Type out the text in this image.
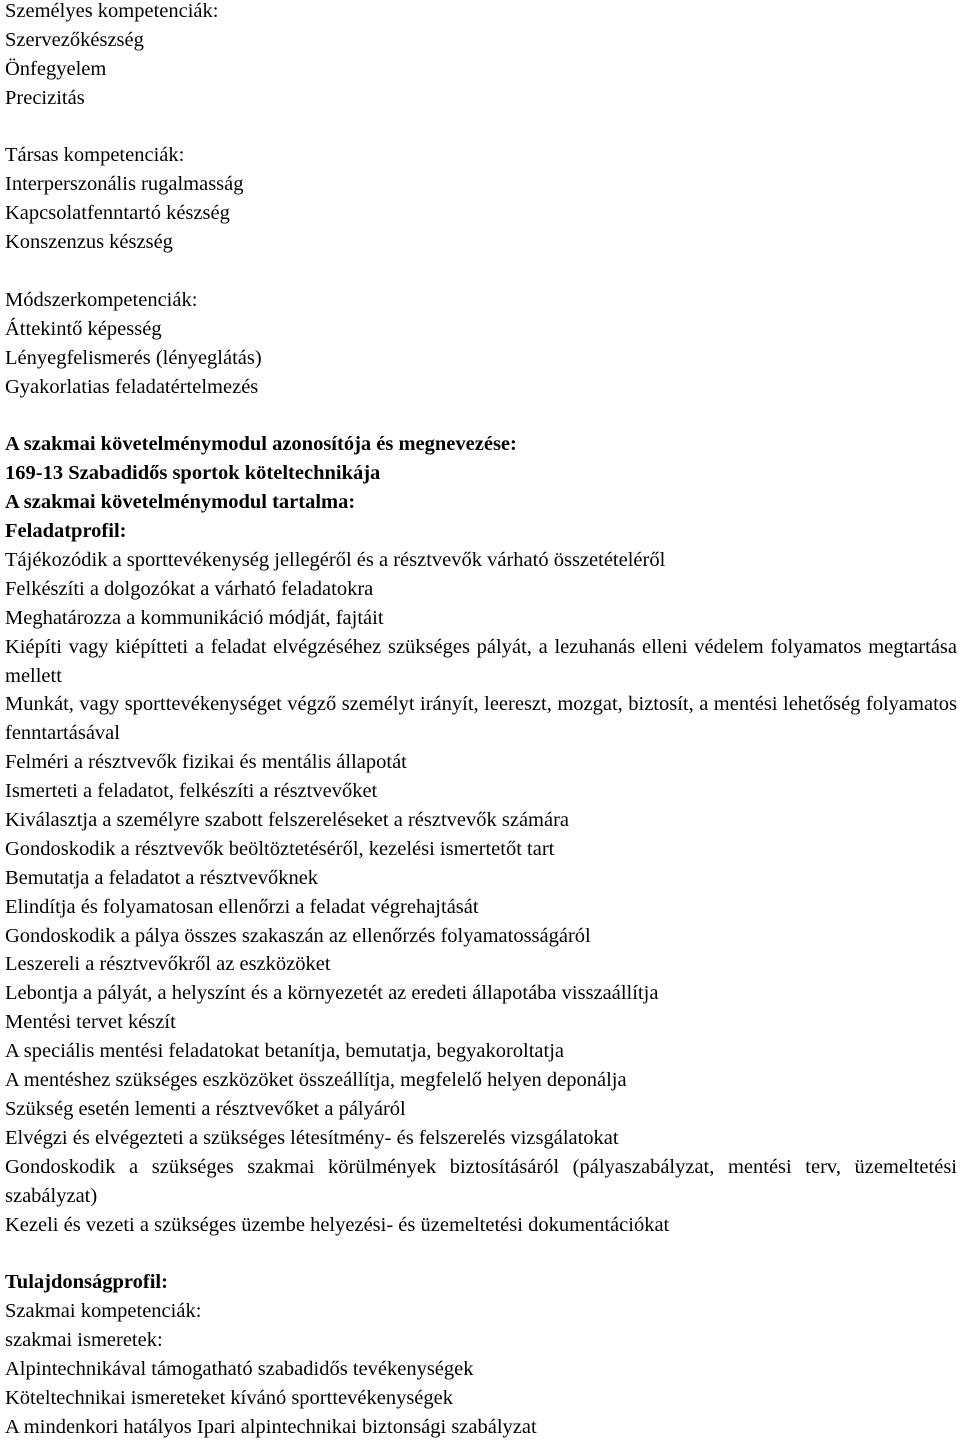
Személyes kompetenciák:
Szervezőkészség
Önfegyelem
Precizitás
Társas kompetenciák:
Interperszonális rugalmasság
Kapcsolatfenntartó készség
Konszenzus készség
Módszerkompetenciák:
Áttekintő képesség
Lényegfelismerés (lényeglátás)
Gyakorlatias feladatértelmezés
A szakmai követelménymodul azonosítója és megnevezése:
169-13 Szabadidős sportok köteltechnikája
A szakmai követelménymodul tartalma:
Feladatprofil:
Tájékozódik a sporttevékenység jellegéről és a résztvevők várható összetételéről
Felkészíti a dolgozókat a várható feladatokra
Meghatározza a kommunikáció módját, fajtáit
Kiépíti vagy kiépítteti a feladat elvégzéséhez szükséges pályát, a lezuhanás elleni védelem folyamatos megtartása mellett
Munkát, vagy sporttevékenységet végző személyt irányít, leereszt, mozgat, biztosít, a mentési lehetőség folyamatos fenntartásával
Felméri a résztvevők fizikai és mentális állapotát
Ismerteti a feladatot, felkészíti a résztvevőket
Kiválasztja a személyre szabott felszereléseket a résztvevők számára
Gondoskodik a résztvevők beöltöztetéséről, kezelési ismertetőt tart
Bemutatja a feladatot a résztvevőknek
Elindítja és folyamatosan ellenőrzi a feladat végrehajtását
Gondoskodik a pálya összes szakaszán az ellenőrzés folyamatosságáról
Leszereli a résztvevőkről az eszközöket
Lebontja a pályát, a helyszínt és a környezetét az eredeti állapotába visszaállítja
Mentési tervet készít
A speciális mentési feladatokat betanítja, bemutatja, begyakoroltatja
A mentéshez szükséges eszközöket összeállítja, megfelelő helyen deponálja
Szükség esetén lementi a résztvevőket a pályáról
Elvégzi és elvégezteti a szükséges létesítmény- és felszerelés vizsgálatokat
Gondoskodik a szükséges szakmai körülmények biztosításáról (pályaszabályzat, mentési terv, üzemeltetési szabályzat)
Kezeli és vezeti a szükséges üzembe helyezési- és üzemeltetési dokumentációkat
Tulajdonságprofil:
Szakmai kompetenciák:
szakmai ismeretek:
Alpintechnikával támogatható szabadidős tevékenységek
Köteltechnikai ismereteket kívánó sporttevékenységek
A mindenkori hatályos Ipari alpintechnikai biztonsági szabályzat
